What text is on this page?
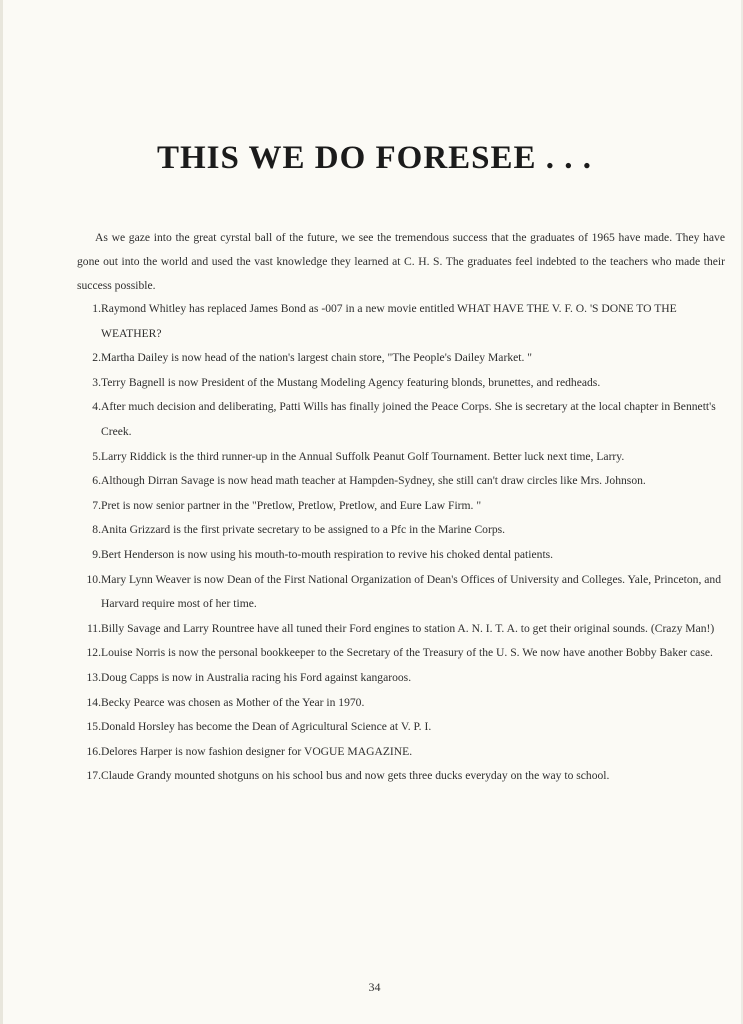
THIS WE DO FORESEE . . .

As we gaze into the great cyrstal ball of the future, we see the tremendous success that the graduates of 1965 have made. They have gone out into the world and used the vast knowledge they learned at C. H. S. The graduates feel indebted to the teachers who made their success possible.

1. Raymond Whitley has replaced James Bond as -007 in a new movie entitled WHAT HAVE THE V. F. O. 'S DONE TO THE WEATHER?
2. Martha Dailey is now head of the nation's largest chain store, "The People's Dailey Market. "
3. Terry Bagnell is now President of the Mustang Modeling Agency featuring blonds, brunettes, and redheads.
4. After much decision and deliberating, Patti Wills has finally joined the Peace Corps. She is secretary at the local chapter in Bennett's Creek.
5. Larry Riddick is the third runner-up in the Annual Suffolk Peanut Golf Tournament. Better luck next time, Larry.
6. Although Dirran Savage is now head math teacher at Hampden-Sydney, she still can't draw circles like Mrs. Johnson.
7. Pret is now senior partner in the "Pretlow, Pretlow, Pretlow, and Eure Law Firm. "
8. Anita Grizzard is the first private secretary to be assigned to a Pfc in the Marine Corps.
9. Bert Henderson is now using his mouth-to-mouth respiration to revive his choked dental patients.
10. Mary Lynn Weaver is now Dean of the First National Organization of Dean's Offices of University and Colleges. Yale, Princeton, and Harvard require most of her time.
11. Billy Savage and Larry Rountree have all tuned their Ford engines to station A. N. I. T. A. to get their original sounds. (Crazy Man!)
12. Louise Norris is now the personal bookkeeper to the Secretary of the Treasury of the U. S. We now have another Bobby Baker case.
13. Doug Capps is now in Australia racing his Ford against kangaroos.
14. Becky Pearce was chosen as Mother of the Year in 1970.
15. Donald Horsley has become the Dean of Agricultural Science at V. P. I.
16. Delores Harper is now fashion designer for VOGUE MAGAZINE.
17. Claude Grandy mounted shotguns on his school bus and now gets three ducks everyday on the way to school.
34
